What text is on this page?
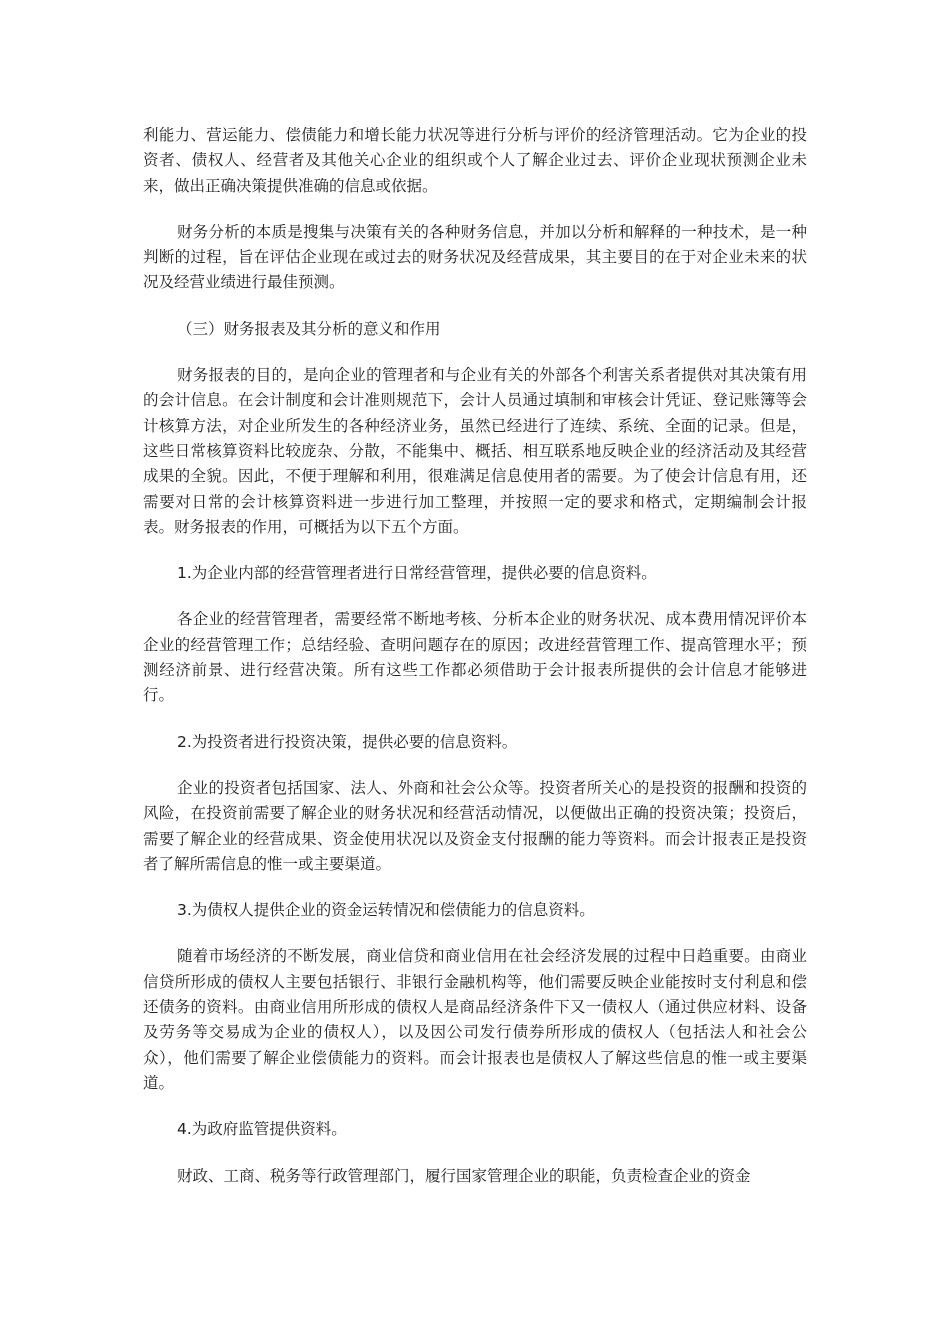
利能力、营运能力、偿债能力和增长能力状况等进行分析与评价的经济管理活动。它为企业的投资者、债权人、经营者及其他关心企业的组织或个人了解企业过去、评价企业现状预测企业未来，做出正确决策提供准确的信息或依据。

财务分析的本质是搜集与决策有关的各种财务信息，并加以分析和解释的一种技术，是一种判断的过程，旨在评估企业现在或过去的财务状况及经营成果，其主要目的在于对企业未来的状况及经营业绩进行最佳预测。

（三）财务报表及其分析的意义和作用

财务报表的目的，是向企业的管理者和与企业有关的外部各个利害关系者提供对其决策有用的会计信息。在会计制度和会计准则规范下，会计人员通过填制和审核会计凭证、登记账簿等会计核算方法，对企业所发生的各种经济业务，虽然已经进行了连续、系统、全面的记录。但是，这些日常核算资料比较庞杂、分散，不能集中、概括、相互联系地反映企业的经济活动及其经营成果的全貌。因此，不便于理解和利用，很难满足信息使用者的需要。为了使会计信息有用，还需要对日常的会计核算资料进一步进行加工整理，并按照一定的要求和格式，定期编制会计报表。财务报表的作用，可概括为以下五个方面。

1.为企业内部的经营管理者进行日常经营管理，提供必要的信息资料。

各企业的经营管理者，需要经常不断地考核、分析本企业的财务状况、成本费用情况评价本企业的经营管理工作；总结经验、查明问题存在的原因；改进经营管理工作、提高管理水平；预测经济前景、进行经营决策。所有这些工作都必须借助于会计报表所提供的会计信息才能够进行。

2.为投资者进行投资决策，提供必要的信息资料。

企业的投资者包括国家、法人、外商和社会公众等。投资者所关心的是投资的报酬和投资的风险，在投资前需要了解企业的财务状况和经营活动情况，以便做出正确的投资决策；投资后，需要了解企业的经营成果、资金使用状况以及资金支付报酬的能力等资料。而会计报表正是投资者了解所需信息的惟一或主要渠道。

3.为债权人提供企业的资金运转情况和偿债能力的信息资料。

随着市场经济的不断发展，商业信贷和商业信用在社会经济发展的过程中日趋重要。由商业信贷所形成的债权人主要包括银行、非银行金融机构等，他们需要反映企业能按时支付利息和偿还债务的资料。由商业信用所形成的债权人是商品经济条件下又一债权人（通过供应材料、设备及劳务等交易成为企业的债权人），以及因公司发行债券所形成的债权人（包括法人和社会公众），他们需要了解企业偿债能力的资料。而会计报表也是债权人了解这些信息的惟一或主要渠道。

4.为政府监管提供资料。

财政、工商、税务等行政管理部门，履行国家管理企业的职能，负责检查企业的资金
